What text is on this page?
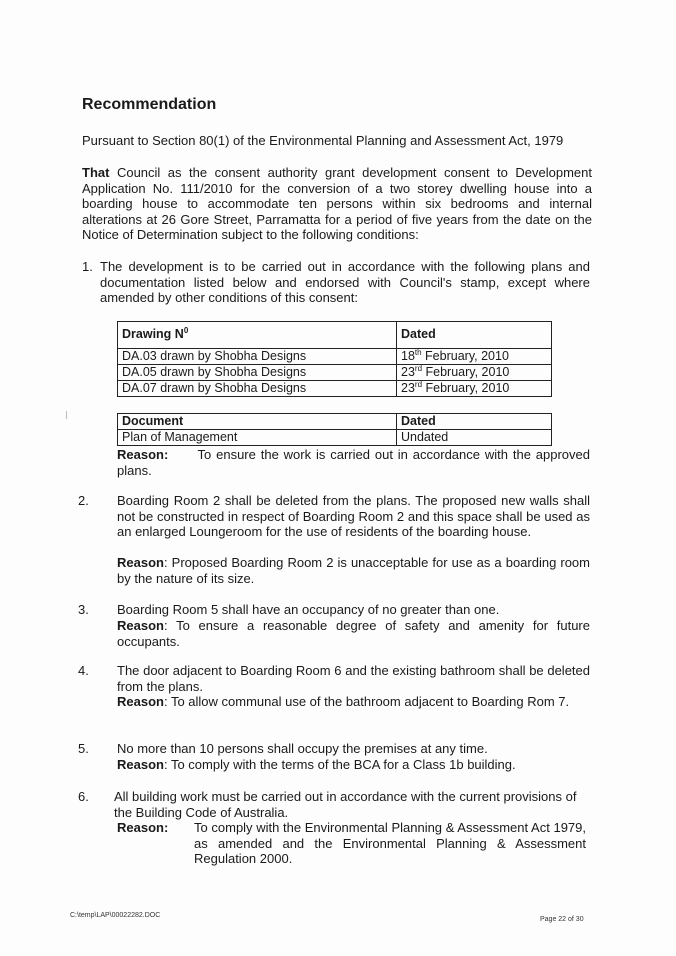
Recommendation

Pursuant to Section 80(1) of the Environmental Planning and Assessment Act, 1979

That Council as the consent authority grant development consent to Development Application No. 111/2010 for the conversion of a two storey dwelling house into a boarding house to accommodate ten persons within six bedrooms and internal alterations at 26 Gore Street, Parramatta for a period of five years from the date on the Notice of Determination subject to the following conditions:

1. The development is to be carried out in accordance with the following plans and documentation listed below and endorsed with Council's stamp, except where amended by other conditions of this consent:

Drawing $N^0$	Dated
DA.03 drawn by Shobha Designs	18th February, 2010
DA.05 drawn by Shobha Designs	23rd February, 2010
DA.07 drawn by Shobha Designs	23rd February, 2010
Document	Dated
Plan of Management	Undated

Reason: To ensure the work is carried out in accordance with the approved plans.

2. Boarding Room 2 shall be deleted from the plans. The proposed new walls shall not be constructed in respect of Boarding Room 2 and this space shall be used as an enlarged Loungeroom for the use of residents of the boarding house.

Reason: Proposed Boarding Room 2 is unacceptable for use as a boarding room by the nature of its size.

3. Boarding Room 5 shall have an occupancy of no greater than one.

Reason: To ensure a reasonable degree of safety and amenity for future occupants.

4. The door adjacent to Boarding Room 6 and the existing bathroom shall be deleted from the plans.

Reason: To allow communal use of the bathroom adjacent to Boarding Rom 7.

5. No more than 10 persons shall occupy the premises at any time.

Reason: To comply with the terms of the BCA for a Class 1b building.

6. All building work must be carried out in accordance with the current provisions of the Building Code of Australia.

Reason: To comply with the Environmental Planning & Assessment Act 1979, as amended and the Environmental Planning & Assessment Regulation 2000.

C:\temp\LAP\00022282.DOC
Page 22 of 30
